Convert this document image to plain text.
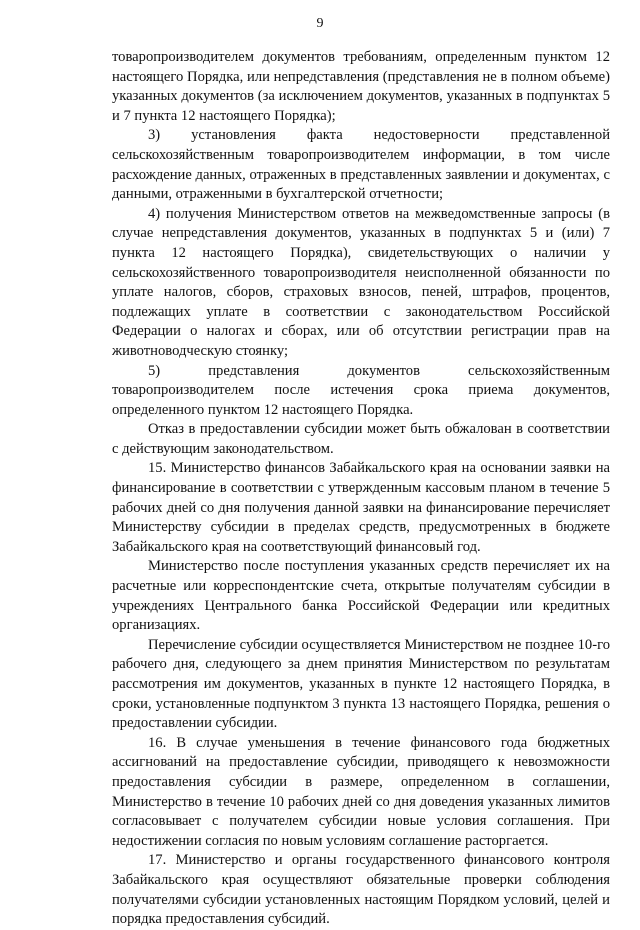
9

товаропроизводителем документов требованиям, определенным пунктом 12 настоящего Порядка, или непредставления (представления не в полном объеме) указанных документов (за исключением документов, указанных в подпунктах 5 и 7 пункта 12 настоящего Порядка);

3) установления факта недостоверности представленной сельскохозяйственным товаропроизводителем информации, в том числе расхождение данных, отраженных в представленных заявлении и документах, с данными, отраженными в бухгалтерской отчетности;

4) получения Министерством ответов на межведомственные запросы (в случае непредставления документов, указанных в подпунктах 5 и (или) 7 пункта 12 настоящего Порядка), свидетельствующих о наличии у сельскохозяйственного товаропроизводителя неисполненной обязанности по уплате налогов, сборов, страховых взносов, пеней, штрафов, процентов, подлежащих уплате в соответствии с законодательством Российской Федерации о налогах и сборах, или об отсутствии регистрации прав на животноводческую стоянку;

5) представления документов сельскохозяйственным товаропроизводителем после истечения срока приема документов, определенного пунктом 12 настоящего Порядка.

Отказ в предоставлении субсидии может быть обжалован в соответствии с действующим законодательством.

15. Министерство финансов Забайкальского края на основании заявки на финансирование в соответствии с утвержденным кассовым планом в течение 5 рабочих дней со дня получения данной заявки на финансирование перечисляет Министерству субсидии в пределах средств, предусмотренных в бюджете Забайкальского края на соответствующий финансовый год.

Министерство после поступления указанных средств перечисляет их на расчетные или корреспондентские счета, открытые получателям субсидии в учреждениях Центрального банка Российской Федерации или кредитных организациях.

Перечисление субсидии осуществляется Министерством не позднее 10-го рабочего дня, следующего за днем принятия Министерством по результатам рассмотрения им документов, указанных в пункте 12 настоящего Порядка, в сроки, установленные подпунктом 3 пункта 13 настоящего Порядка, решения о предоставлении субсидии.

16. В случае уменьшения в течение финансового года бюджетных ассигнований на предоставление субсидии, приводящего к невозможности предоставления субсидии в размере, определенном в соглашении, Министерство в течение 10 рабочих дней со дня доведения указанных лимитов согласовывает с получателем субсидии новые условия соглашения. При недостижении согласия по новым условиям соглашение расторгается.

17. Министерство и органы государственного финансового контроля Забайкальского края осуществляют обязательные проверки соблюдения получателями субсидии установленных настоящим Порядком условий, целей и порядка предоставления субсидий.
